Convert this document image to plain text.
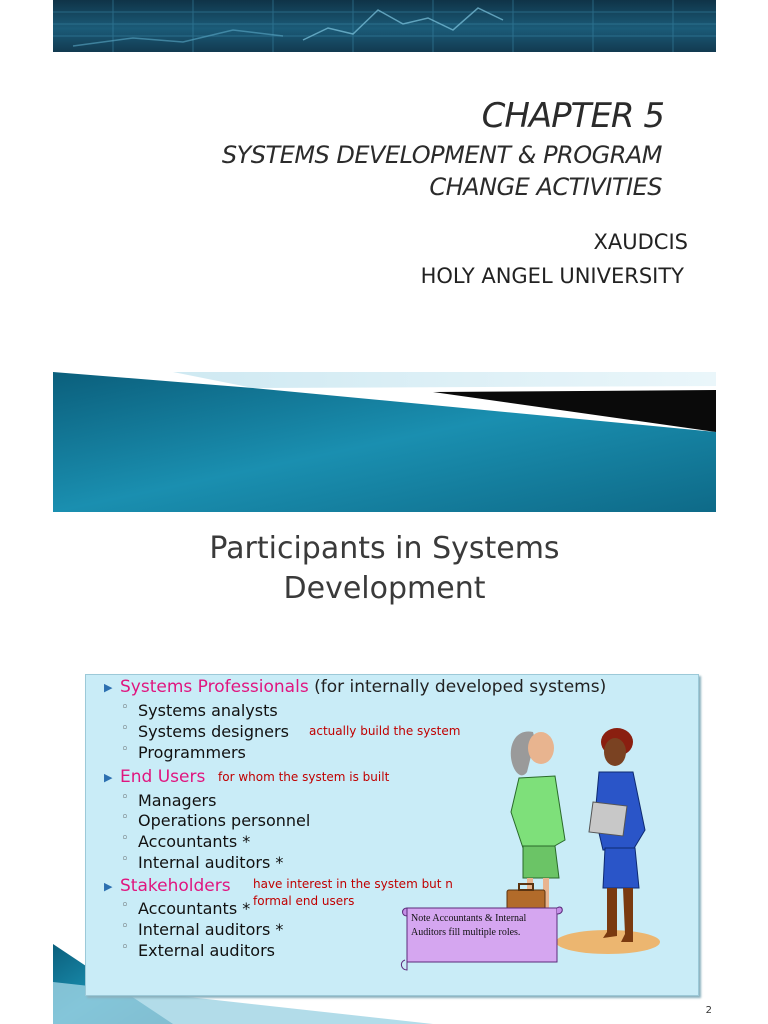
CHAPTER 5
SYSTEMS DEVELOPMENT & PROGRAM
CHANGE ACTIVITIES
XAUDCIS
HOLY ANGEL UNIVERSITY
Participants in Systems
Development
▶ Systems Professionals (for internally developed systems)
◦ Systems analysts
◦ Systems designers
◦ Programmers
actually build the system
▶ End Users for whom the system is built
◦ Managers
◦ Operations personnel
◦ Accountants *
◦ Internal auditors *
▶ Stakeholders have interest in the system but n
formal end users
◦ Accountants *
◦ Internal auditors *
◦ External auditors
Note Accountants & Internal
Auditors fill multiple roles.
2
